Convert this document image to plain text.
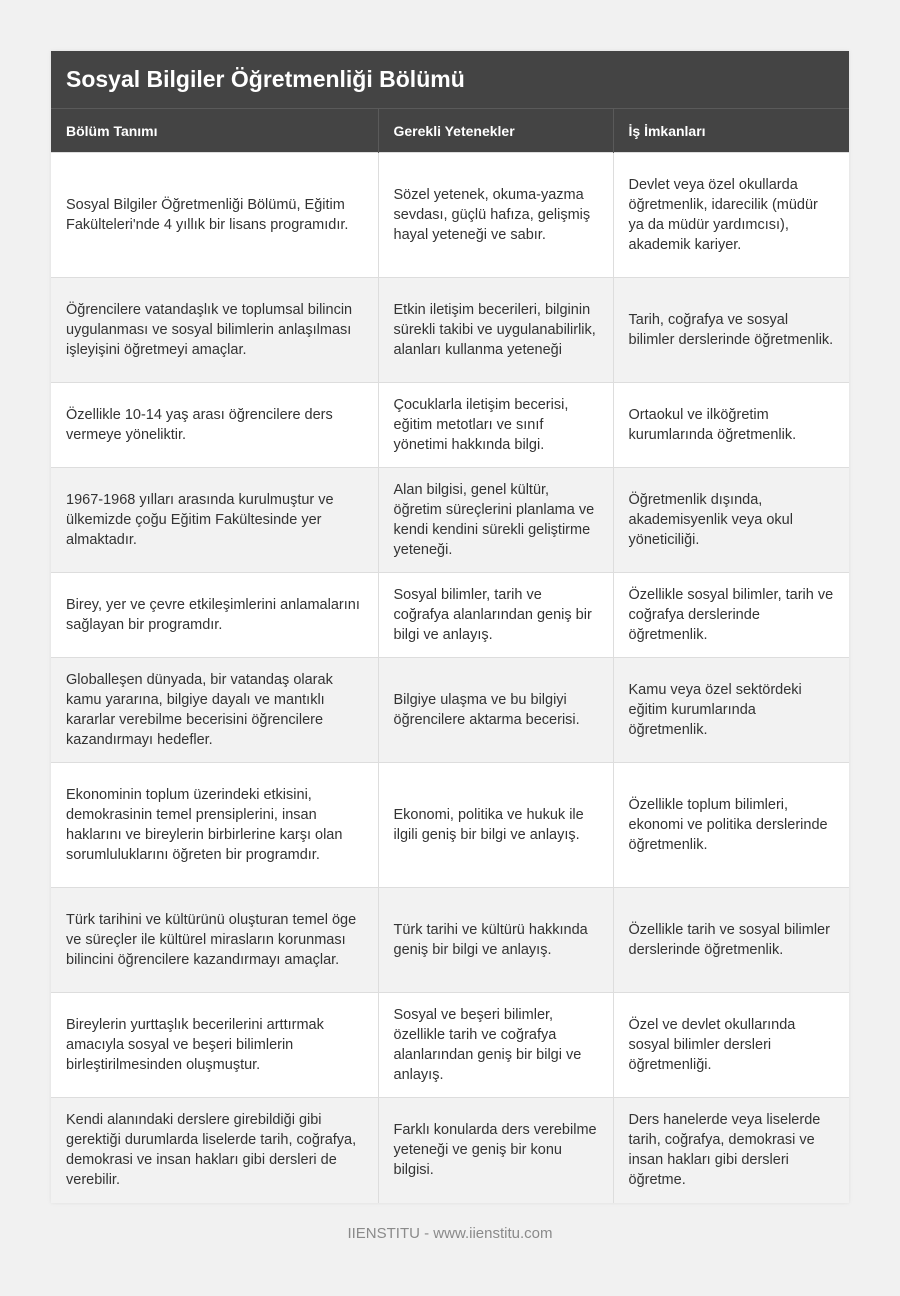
Sosyal Bilgiler Öğretmenliği Bölümü
Bölüm Tanımı	Gerekli Yetenekler	İş İmkanları
Sosyal Bilgiler Öğretmenliği Bölümü, Eğitim Fakülteleri'nde 4 yıllık bir lisans programıdır.	Sözel yetenek, okuma-yazma sevdası, güçlü hafıza, gelişmiş hayal yeteneği ve sabır.	Devlet veya özel okullarda öğretmenlik, idarecilik (müdür ya da müdür yardımcısı), akademik kariyer.
Öğrencilere vatandaşlık ve toplumsal bilincin uygulanması ve sosyal bilimlerin anlaşılması işleyişini öğretmeyi amaçlar.	Etkin iletişim becerileri, bilginin sürekli takibi ve uygulanabilirlik, alanları kullanma yeteneği	Tarih, coğrafya ve sosyal bilimler derslerinde öğretmenlik.
Özellikle 10-14 yaş arası öğrencilere ders vermeye yöneliktir.	Çocuklarla iletişim becerisi, eğitim metotları ve sınıf yönetimi hakkında bilgi.	Ortaokul ve ilköğretim kurumlarında öğretmenlik.
1967-1968 yılları arasında kurulmuştur ve ülkemizde çoğu Eğitim Fakültesinde yer almaktadır.	Alan bilgisi, genel kültür, öğretim süreçlerini planlama ve kendi kendini sürekli geliştirme yeteneği.	Öğretmenlik dışında, akademisyenlik veya okul yöneticiliği.
Birey, yer ve çevre etkileşimlerini anlamalarını sağlayan bir programdır.	Sosyal bilimler, tarih ve coğrafya alanlarından geniş bir bilgi ve anlayış.	Özellikle sosyal bilimler, tarih ve coğrafya derslerinde öğretmenlik.
Globalleşen dünyada, bir vatandaş olarak kamu yararına, bilgiye dayalı ve mantıklı kararlar verebilme becerisini öğrencilere kazandırmayı hedefler.	Bilgiye ulaşma ve bu bilgiyi öğrencilere aktarma becerisi.	Kamu veya özel sektördeki eğitim kurumlarında öğretmenlik.
Ekonominin toplum üzerindeki etkisini, demokrasinin temel prensiplerini, insan haklarını ve bireylerin birbirlerine karşı olan sorumluluklarını öğreten bir programdır.	Ekonomi, politika ve hukuk ile ilgili geniş bir bilgi ve anlayış.	Özellikle toplum bilimleri, ekonomi ve politika derslerinde öğretmenlik.
Türk tarihini ve kültürünü oluşturan temel öge ve süreçler ile kültürel mirasların korunması bilincini öğrencilere kazandırmayı amaçlar.	Türk tarihi ve kültürü hakkında geniş bir bilgi ve anlayış.	Özellikle tarih ve sosyal bilimler derslerinde öğretmenlik.
Bireylerin yurttaşlık becerilerini arttırmak amacıyla sosyal ve beşeri bilimlerin birleştirilmesinden oluşmuştur.	Sosyal ve beşeri bilimler, özellikle tarih ve coğrafya alanlarından geniş bir bilgi ve anlayış.	Özel ve devlet okullarında sosyal bilimler dersleri öğretmenliği.
Kendi alanındaki derslere girebildiği gibi gerektiği durumlarda liselerde tarih, coğrafya, demokrasi ve insan hakları gibi dersleri de verebilir.	Farklı konularda ders verebilme yeteneği ve geniş bir konu bilgisi.	Ders hanelerde veya liselerde tarih, coğrafya, demokrasi ve insan hakları gibi dersleri öğretme.
IIENSTITU - www.iienstitu.com
